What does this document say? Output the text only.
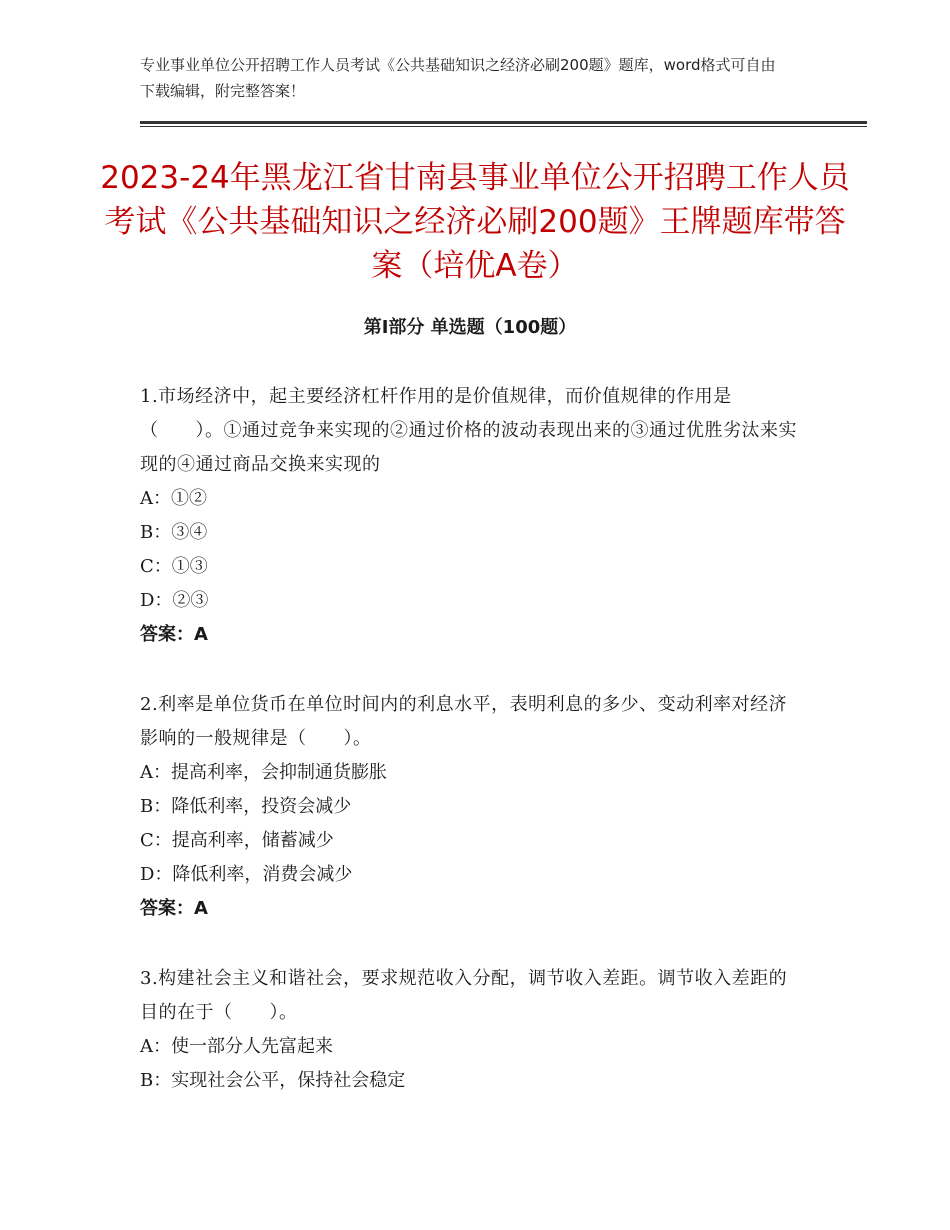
专业事业单位公开招聘工作人员考试《公共基础知识之经济必刷200题》题库，word格式可自由下载编辑，附完整答案！
2023-24年黑龙江省甘南县事业单位公开招聘工作人员考试《公共基础知识之经济必刷200题》王牌题库带答案（培优A卷）
第Ⅰ部分 单选题（100题）

1.市场经济中，起主要经济杠杆作用的是价值规律，而价值规律的作用是（　　）。①通过竞争来实现的②通过价格的波动表现出来的③通过优胜劣汰来实现的④通过商品交换来实现的

A：①②

B：③④

C：①③

D：②③

答案：A

2.利率是单位货币在单位时间内的利息水平，表明利息的多少、变动利率对经济影响的一般规律是（　　）。

A：提高利率，会抑制通货膨胀

B：降低利率，投资会减少

C：提高利率，储蓄减少

D：降低利率，消费会减少

答案：A

3.构建社会主义和谐社会，要求规范收入分配，调节收入差距。调节收入差距的目的在于（　　）。

A：使一部分人先富起来

B：实现社会公平，保持社会稳定
